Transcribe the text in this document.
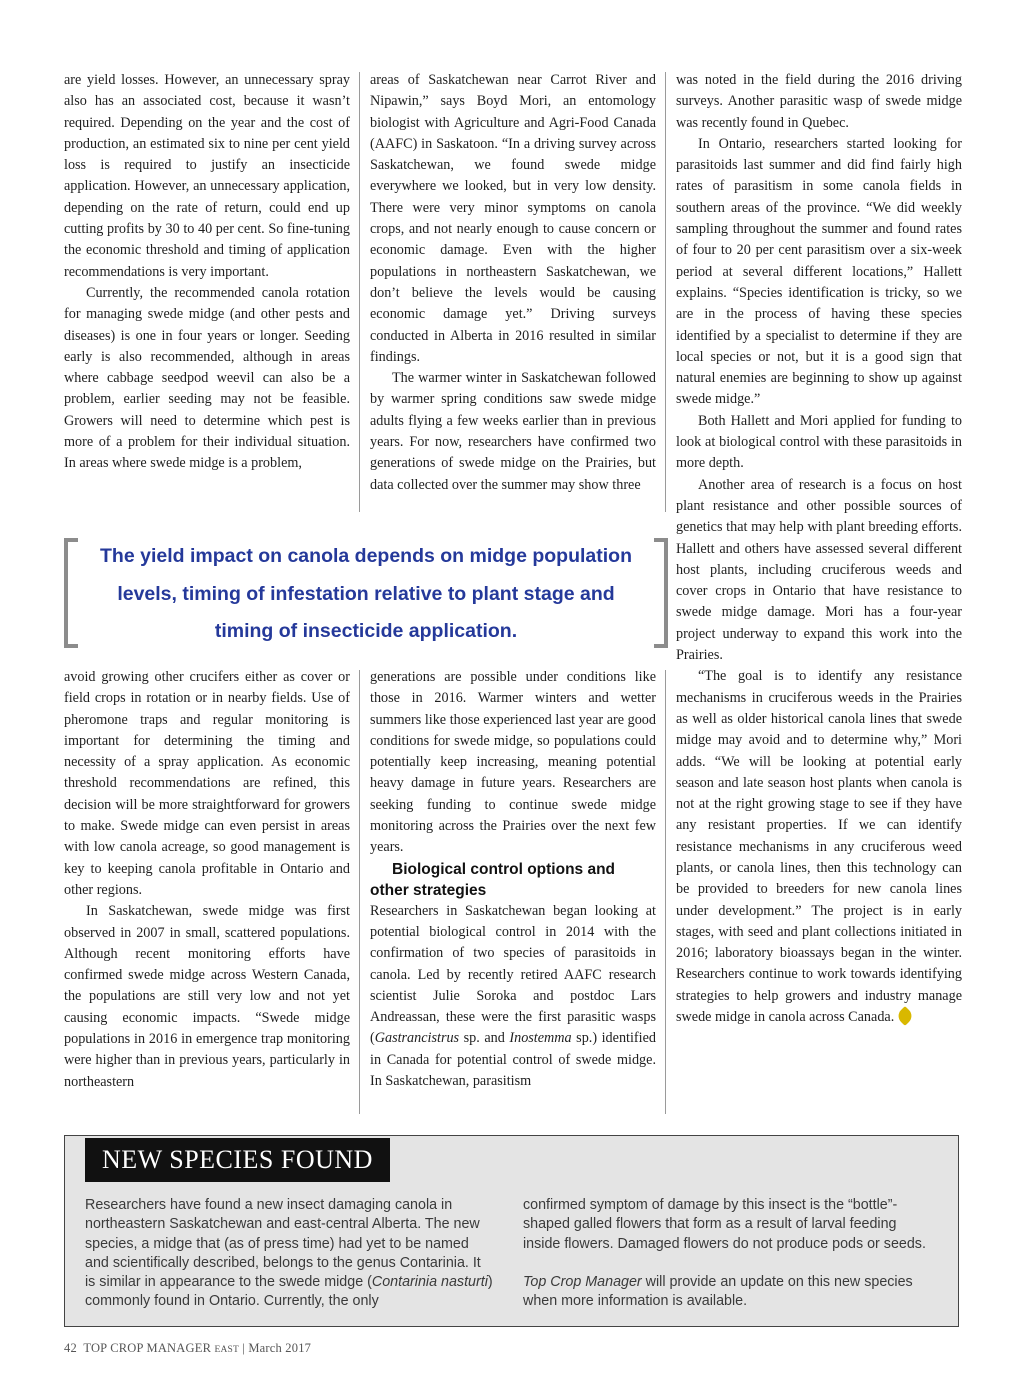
are yield losses. However, an unnecessary spray also has an associated cost, because it wasn’t required. Depending on the year and the cost of production, an estimated six to nine per cent yield loss is required to justify an insecticide application. However, an unnecessary application, depending on the rate of return, could end up cutting profits by 30 to 40 per cent. So fine-tuning the economic threshold and timing of application recommendations is very important.

Currently, the recommended canola rotation for managing swede midge (and other pests and diseases) is one in four years or longer. Seeding early is also recommended, although in areas where cabbage seedpod weevil can also be a problem, earlier seeding may not be feasible. Growers will need to determine which pest is more of a problem for their individual situation. In areas where swede midge is a problem,

areas of Saskatchewan near Carrot River and Nipawin,” says Boyd Mori, an entomology biologist with Agriculture and Agri-Food Canada (AAFC) in Saskatoon. “In a driving survey across Saskatchewan, we found swede midge everywhere we looked, but in very low density. There were very minor symptoms on canola crops, and not nearly enough to cause concern or economic damage. Even with the higher populations in northeastern Saskatchewan, we don’t believe the levels would be causing economic damage yet.” Driving surveys conducted in Alberta in 2016 resulted in similar findings.

The warmer winter in Saskatchewan followed by warmer spring conditions saw swede midge adults flying a few weeks earlier than in previous years. For now, researchers have confirmed two generations of swede midge on the Prairies, but data collected over the summer may show three

The yield impact on canola depends on midge population levels, timing of infestation relative to plant stage and timing of insecticide application.

avoid growing other crucifers either as cover or field crops in rotation or in nearby fields. Use of pheromone traps and regular monitoring is important for determining the timing and necessity of a spray application. As economic threshold recommendations are refined, this decision will be more straightforward for growers to make. Swede midge can even persist in areas with low canola acreage, so good management is key to keeping canola profitable in Ontario and other regions.

In Saskatchewan, swede midge was first observed in 2007 in small, scattered populations. Although recent monitoring efforts have confirmed swede midge across Western Canada, the populations are still very low and not yet causing economic impacts. “Swede midge populations in 2016 in emergence trap monitoring were higher than in previous years, particularly in northeastern

generations are possible under conditions like those in 2016. Warmer winters and wetter summers like those experienced last year are good conditions for swede midge, so populations could potentially keep increasing, meaning potential heavy damage in future years. Researchers are seeking funding to continue swede midge monitoring across the Prairies over the next few years.

Biological control options and other strategies

Researchers in Saskatchewan began looking at potential biological control in 2014 with the confirmation of two species of parasitoids in canola. Led by recently retired AAFC research scientist Julie Soroka and postdoc Lars Andreassan, these were the first parasitic wasps (Gastrancistrus sp. and Inostemma sp.) identified in Canada for potential control of swede midge. In Saskatchewan, parasitism

was noted in the field during the 2016 driving surveys. Another parasitic wasp of swede midge was recently found in Quebec.

In Ontario, researchers started looking for parasitoids last summer and did find fairly high rates of parasitism in some canola fields in southern areas of the province. “We did weekly sampling throughout the summer and found rates of four to 20 per cent parasitism over a six-week period at several different locations,” Hallett explains. “Species identification is tricky, so we are in the process of having these species identified by a specialist to determine if they are local species or not, but it is a good sign that natural enemies are beginning to show up against swede midge.”

Both Hallett and Mori applied for funding to look at biological control with these parasitoids in more depth.

Another area of research is a focus on host plant resistance and other possible sources of genetics that may help with plant breeding efforts. Hallett and others have assessed several different host plants, including cruciferous weeds and cover crops in Ontario that have resistance to swede midge damage. Mori has a four-year project underway to expand this work into the Prairies.

“The goal is to identify any resistance mechanisms in cruciferous weeds in the Prairies as well as older historical canola lines that swede midge may avoid and to determine why,” Mori adds. “We will be looking at potential early season and late season host plants when canola is not at the right growing stage to see if they have any resistant properties. If we can identify resistance mechanisms in any cruciferous weed plants, or canola lines, then this technology can be provided to breeders for new canola lines under development.” The project is in early stages, with seed and plant collections initiated in 2016; laboratory bioassays began in the winter. Researchers continue to work towards identifying strategies to help growers and industry manage swede midge in canola across Canada.

NEW SPECIES FOUND

Researchers have found a new insect damaging canola in northeastern Saskatchewan and east-central Alberta. The new species, a midge that (as of press time) had yet to be named and scientifically described, belongs to the genus Contarinia. It is similar in appearance to the swede midge (Contarinia nasturti) commonly found in Ontario. Currently, the only

confirmed symptom of damage by this insect is the “bottle”-shaped galled flowers that form as a result of larval feeding inside flowers. Damaged flowers do not produce pods or seeds.

Top Crop Manager will provide an update on this new species when more information is available.

42 TOP CROP MANAGER EAST | March 2017
